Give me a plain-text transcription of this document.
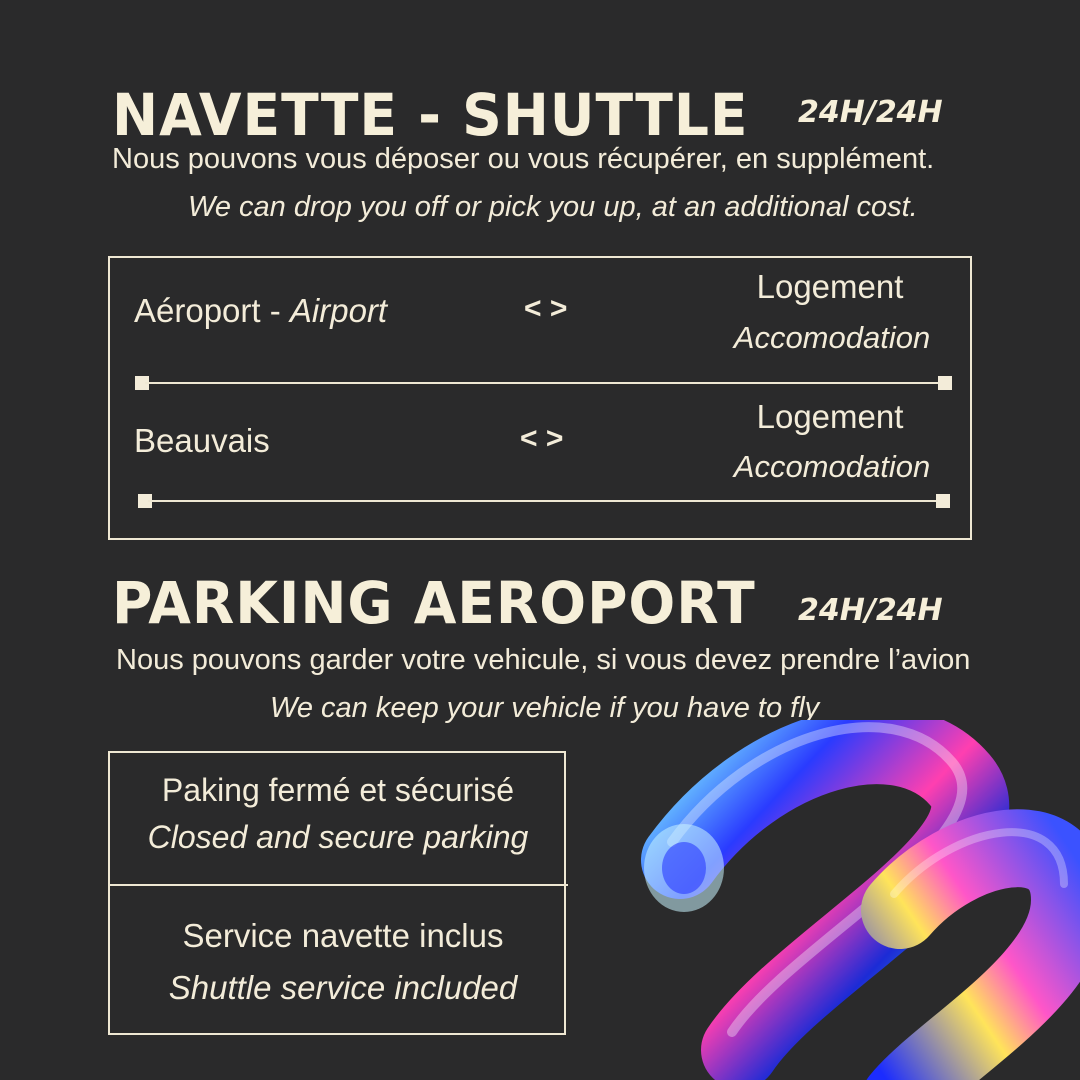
NAVETTE - SHUTTLE 24H/24H
Nous pouvons vous déposer ou vous récupérer, en supplément.
We can drop you off or pick you up, at an additional cost.
Aéroport - Airport	< >
Logement
Accomodation
Beauvais	< >
Logement
Accomodation
PARKING AEROPORT 24H/24H
Nous pouvons garder votre vehicule, si vous devez prendre l’avion
We can keep your vehicle if you have to fly
Paking fermé et sécurisé
Closed and secure parking
Service navette inclus
Shuttle service included
